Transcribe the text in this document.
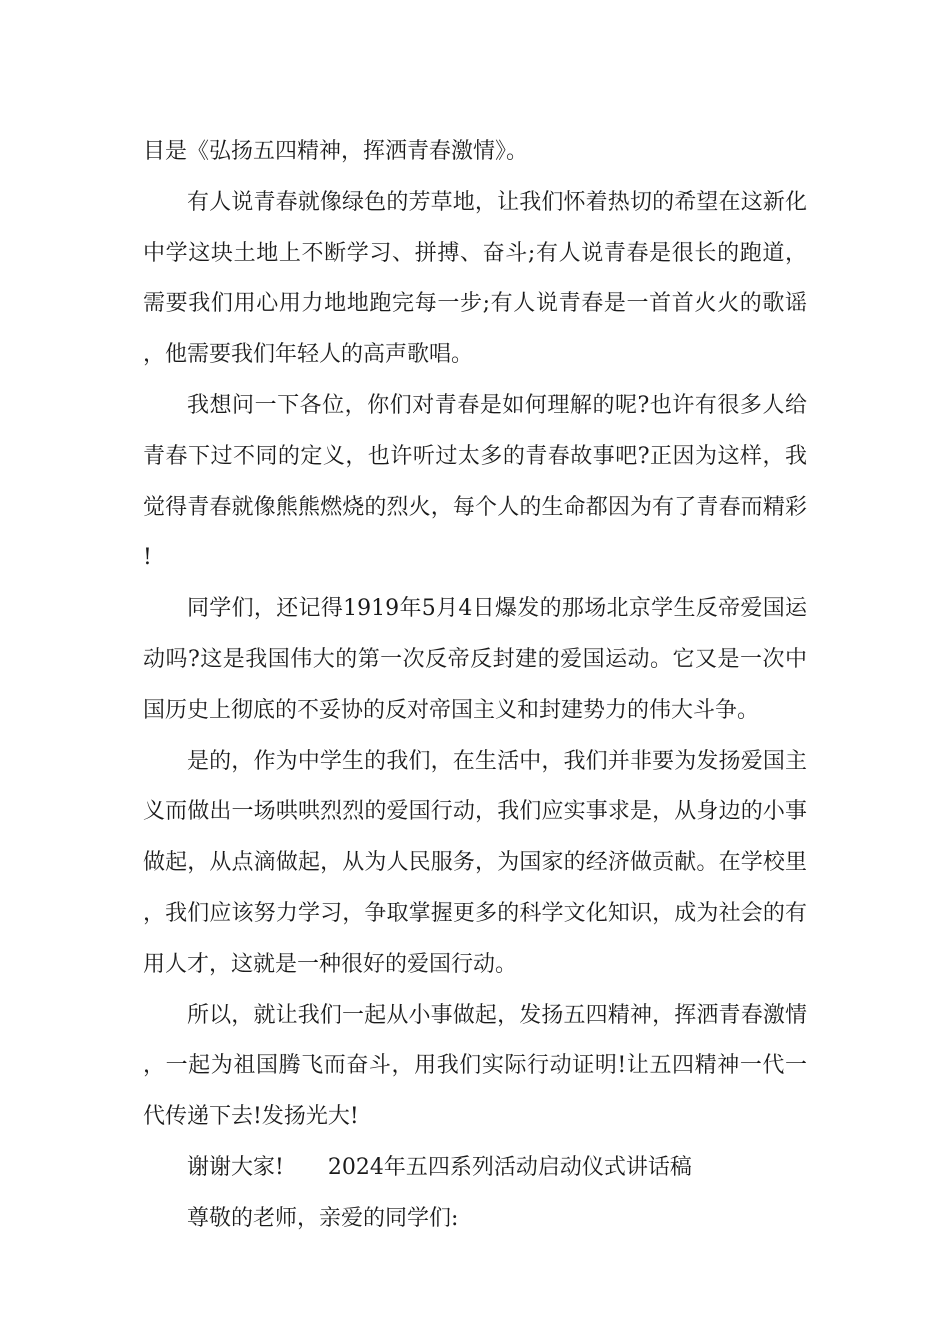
目是《弘扬五四精神，挥洒青春激情》。

有人说青春就像绿色的芳草地，让我们怀着热切的希望在这新化中学这块土地上不断学习、拼搏、奋斗;有人说青春是很长的跑道，需要我们用心用力地地跑完每一步;有人说青春是一首首火火的歌谣，他需要我们年轻人的高声歌唱。

我想问一下各位，你们对青春是如何理解的呢?也许有很多人给青春下过不同的定义，也许听过太多的青春故事吧?正因为这样，我觉得青春就像熊熊燃烧的烈火，每个人的生命都因为有了青春而精彩!

同学们，还记得1919年5月4日爆发的那场北京学生反帝爱国运动吗?这是我国伟大的第一次反帝反封建的爱国运动。它又是一次中国历史上彻底的不妥协的反对帝国主义和封建势力的伟大斗争。

是的，作为中学生的我们，在生活中，我们并非要为发扬爱国主义而做出一场哄哄烈烈的爱国行动，我们应实事求是，从身边的小事做起，从点滴做起，从为人民服务，为国家的经济做贡献。在学校里，我们应该努力学习，争取掌握更多的科学文化知识，成为社会的有用人才，这就是一种很好的爱国行动。

所以，就让我们一起从小事做起，发扬五四精神，挥洒青春激情，一起为祖国腾飞而奋斗，用我们实际行动证明!让五四精神一代一代传递下去!发扬光大!

谢谢大家! 2024年五四系列活动启动仪式讲话稿

尊敬的老师，亲爱的同学们:
